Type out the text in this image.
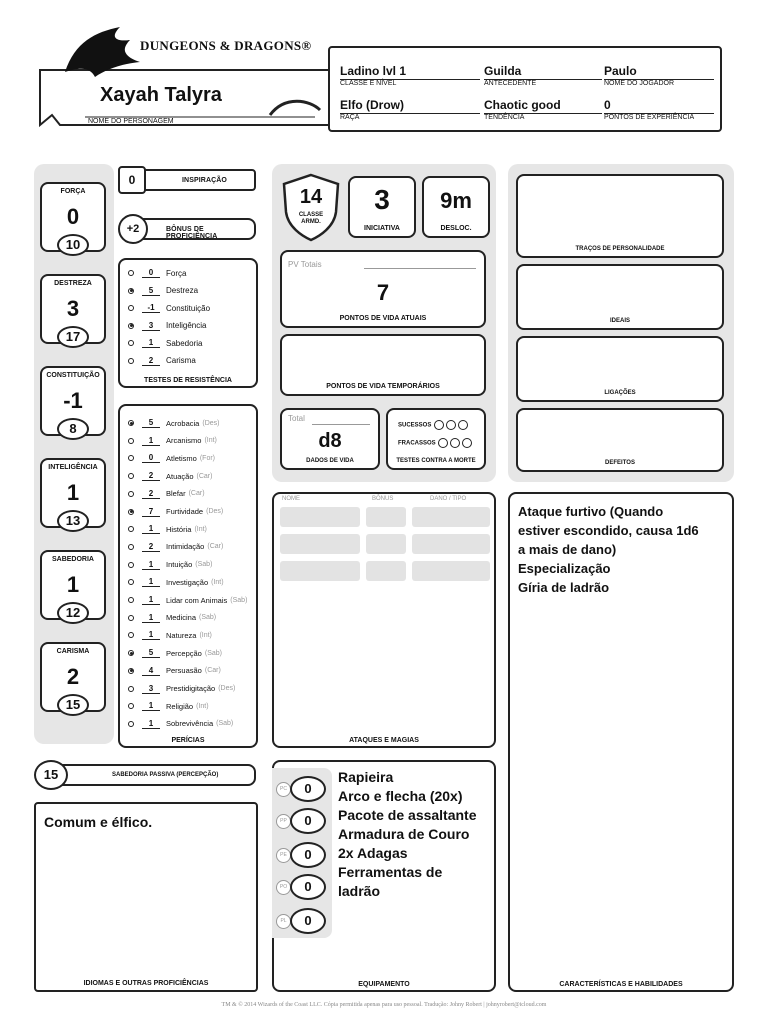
DUNGEONS & DRAGONS®
Xayah Talyra
NOME DO PERSONAGEM
Ladino lvl 1
CLASSE E NÍVEL
Guilda
ANTECEDENTE
Paulo
NOME DO JOGADOR
Elfo (Drow)
RAÇA
Chaotic good
TENDÊNCIA
0
PONTOS DE EXPERIÊNCIA
FORÇA
0
10
DESTREZA
3
17
CONSTITUIÇÃO
-1
8
INTELIGÊNCIA
1
13
SABEDORIA
1
12
CARISMA
2
15
INSPIRAÇÃO
0
BÔNUS DE PROFICIÊNCIA
+2
0	Força
5	Destreza
-1	Constituição
3	Inteligência
1	Sabedoria
2	Carisma
TESTES DE RESISTÊNCIA
5	Acrobacia (Des)
1	Arcanismo (Int)
0	Atletismo (For)
2	Atuação (Car)
2	Blefar (Car)
7	Furtividade (Des)
1	História (Int)
2	Intimidação (Car)
1	Intuição (Sab)
1	Investigação (Int)
1	Lidar com Animais (Sab)
1	Medicina (Sab)
1	Natureza (Int)
5	Percepção (Sab)
4	Persuasão (Car)
3	Prestidigitação (Des)
1	Religião (Int)
1	Sobrevivência (Sab)
PERÍCIAS
SABEDORIA PASSIVA (PERCEPÇÃO)
15
Comum e élfico.
IDIOMAS E OUTRAS PROFICIÊNCIAS
14
CLASSE ARMD.
3
INICIATIVA
9m
DESLOC.
PV Totais
7
PONTOS DE VIDA ATUAIS
PONTOS DE VIDA TEMPORÁRIOS
Total
d8
DADOS DE VIDA
SUCESSOS
FRACASSOS
TESTES CONTRA A MORTE
NOME	BÔNUS	DANO / TIPO
ATAQUES E MAGIAS
PC	0
PP	0
PE	0
PO	0
PL	0
Rapieira
Arco e flecha (20x)
Pacote de assaltante
Armadura de Couro
2x Adagas
Ferramentas de
ladrão
EQUIPAMENTO
TRAÇOS DE PERSONALIDADE
IDEAIS
LIGAÇÕES
DEFEITOS
Ataque furtivo (Quando
estiver escondido, causa 1d6
a mais de dano)
Especialização
Gíria de ladrão
CARACTERÍSTICAS E HABILIDADES
TM & © 2014 Wizards of the Coast LLC. Cópia permitida apenas para uso pessoal. Tradução: Johny Robert | johnyrobert@icloud.com
